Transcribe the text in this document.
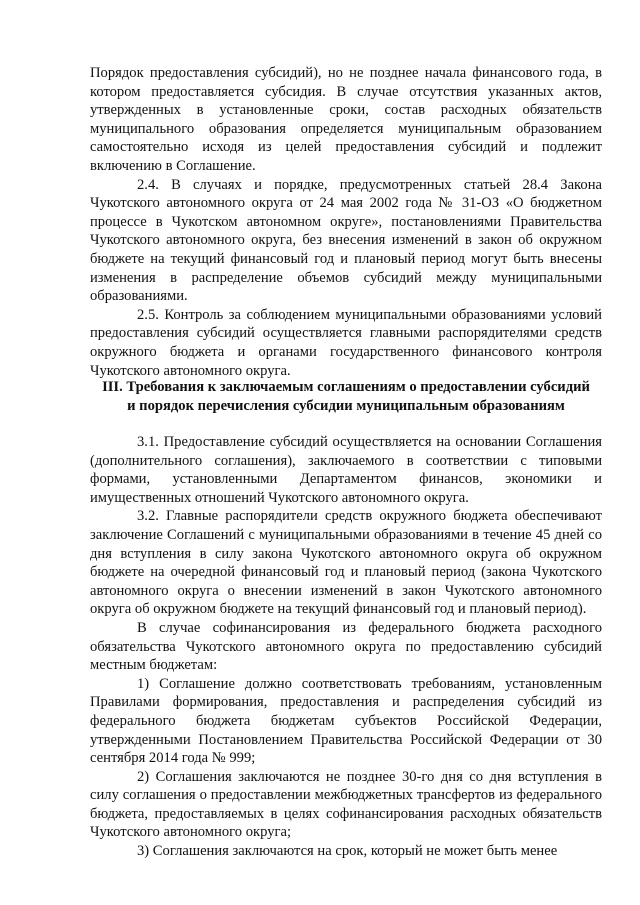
Порядок предоставления субсидий), но не позднее начала финансового года, в котором предоставляется субсидия. В случае отсутствия указанных актов, утвержденных в установленные сроки, состав расходных обязательств муниципального образования определяется муниципальным образованием самостоятельно исходя из целей предоставления субсидий и подлежит включению в Соглашение.

2.4. В случаях и порядке, предусмотренных статьей 28.4 Закона Чукотского автономного округа от 24 мая 2002 года № 31-ОЗ «О бюджетном процессе в Чукотском автономном округе», постановлениями Правительства Чукотского автономного округа, без внесения изменений в закон об окружном бюджете на текущий финансовый год и плановый период могут быть внесены изменения в распределение объемов субсидий между муниципальными образованиями.

2.5. Контроль за соблюдением муниципальными образованиями условий предоставления субсидий осуществляется главными распорядителями средств окружного бюджета и органами государственного финансового контроля Чукотского автономного округа.

III. Требования к заключаемым соглашениям о предоставлении субсидий
и порядок перечисления субсидии муниципальным образованиям

3.1. Предоставление субсидий осуществляется на основании Соглашения (дополнительного соглашения), заключаемого в соответствии с типовыми формами, установленными Департаментом финансов, экономики и имущественных отношений Чукотского автономного округа.

3.2. Главные распорядители средств окружного бюджета обеспечивают заключение Соглашений с муниципальными образованиями в течение 45 дней со дня вступления в силу закона Чукотского автономного округа об окружном бюджете на очередной финансовый год и плановый период (закона Чукотского автономного округа о внесении изменений в закон Чукотского автономного округа об окружном бюджете на текущий финансовый год и плановый период).

В случае софинансирования из федерального бюджета расходного обязательства Чукотского автономного округа по предоставлению субсидий местным бюджетам:

1) Соглашение должно соответствовать требованиям, установленным Правилами формирования, предоставления и распределения субсидий из федерального бюджета бюджетам субъектов Российской Федерации, утвержденными Постановлением Правительства Российской Федерации от 30 сентября 2014 года № 999;

2) Соглашения заключаются не позднее 30-го дня со дня вступления в силу соглашения о предоставлении межбюджетных трансфертов из федерального бюджета, предоставляемых в целях софинансирования расходных обязательств Чукотского автономного округа;

3) Соглашения заключаются на срок, который не может быть менее
